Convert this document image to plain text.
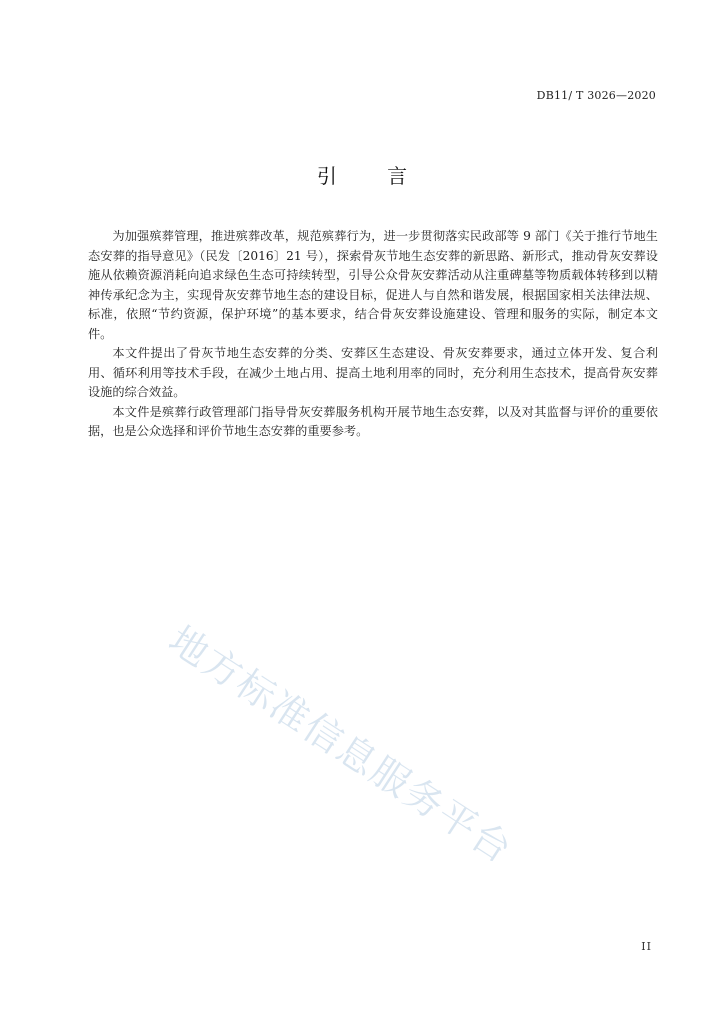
DB11/ T 3026—2020
引 言

为加强殡葬管理，推进殡葬改革，规范殡葬行为，进一步贯彻落实民政部等 9 部门《关于推行节地生态安葬的指导意见》（民发〔2016〕21 号），探索骨灰节地生态安葬的新思路、新形式，推动骨灰安葬设施从依赖资源消耗向追求绿色生态可持续转型，引导公众骨灰安葬活动从注重碑墓等物质载体转移到以精神传承纪念为主，实现骨灰安葬节地生态的建设目标，促进人与自然和谐发展，根据国家相关法律法规、标准，依照“节约资源，保护环境”的基本要求，结合骨灰安葬设施建设、管理和服务的实际，制定本文件。

本文件提出了骨灰节地生态安葬的分类、安葬区生态建设、骨灰安葬要求，通过立体开发、复合利用、循环利用等技术手段，在减少土地占用、提高土地利用率的同时，充分利用生态技术，提高骨灰安葬设施的综合效益。

本文件是殡葬行政管理部门指导骨灰安葬服务机构开展节地生态安葬，以及对其监督与评价的重要依据，也是公众选择和评价节地生态安葬的重要参考。

地方标准信息服务平台
II
